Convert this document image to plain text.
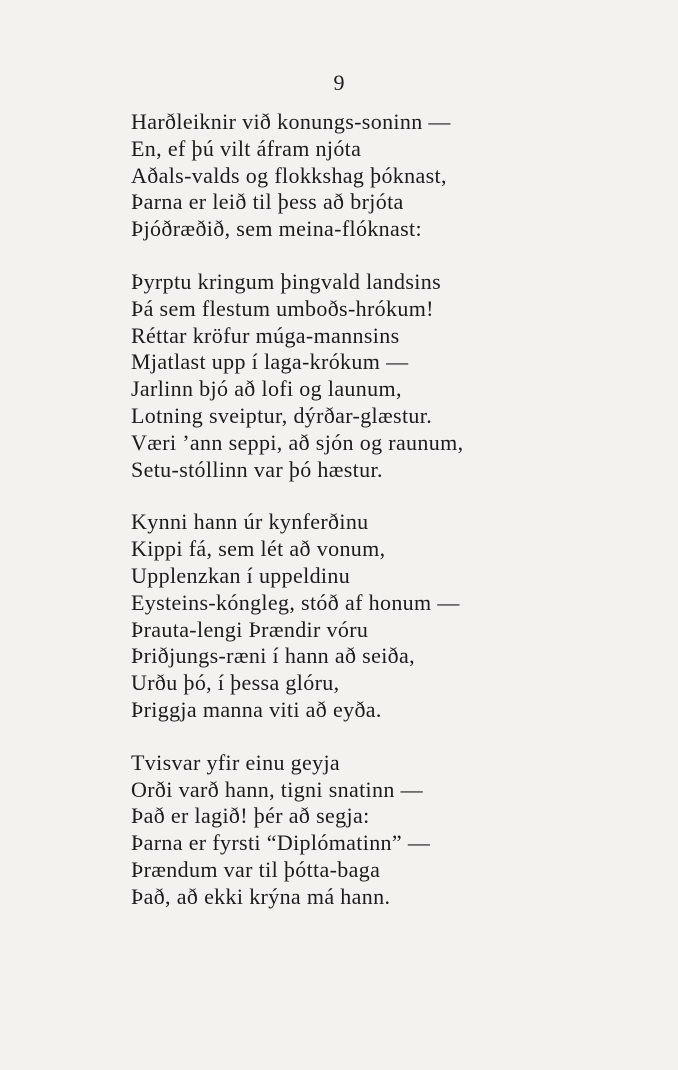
9
Harðleiknir við konungs-soninn —
En, ef þú vilt áfram njóta
Aðals-valds og flokkshag þóknast,
Þarna er leið til þess að brjóta
Þjóðræðið, sem meina-flóknast:
Þyrptu kringum þingvald landsins
Þá sem flestum umboðs-hrókum!
Réttar kröfur múga-mannsins
Mjatlast upp í laga-krókum —
Jarlinn bjó að lofi og launum,
Lotning sveiptur, dýrðar-glæstur.
Væri ’ann seppi, að sjón og raunum,
Setu-stóllinn var þó hæstur.
Kynni hann úr kynferðinu
Kippi fá, sem lét að vonum,
Upplenzkan í uppeldinu
Eysteins-kóngleg, stóð af honum —
Þrauta-lengi Þrændir vóru
Þriðjungs-ræni í hann að seiða,
Urðu þó, í þessa glóru,
Þriggja manna viti að eyða.
Tvisvar yfir einu geyja
Orði varð hann, tigni snatinn —
Það er lagið! þér að segja:
Þarna er fyrsti “Diplómatinn” —
Þrændum var til þótta-baga
Það, að ekki krýna má hann.
